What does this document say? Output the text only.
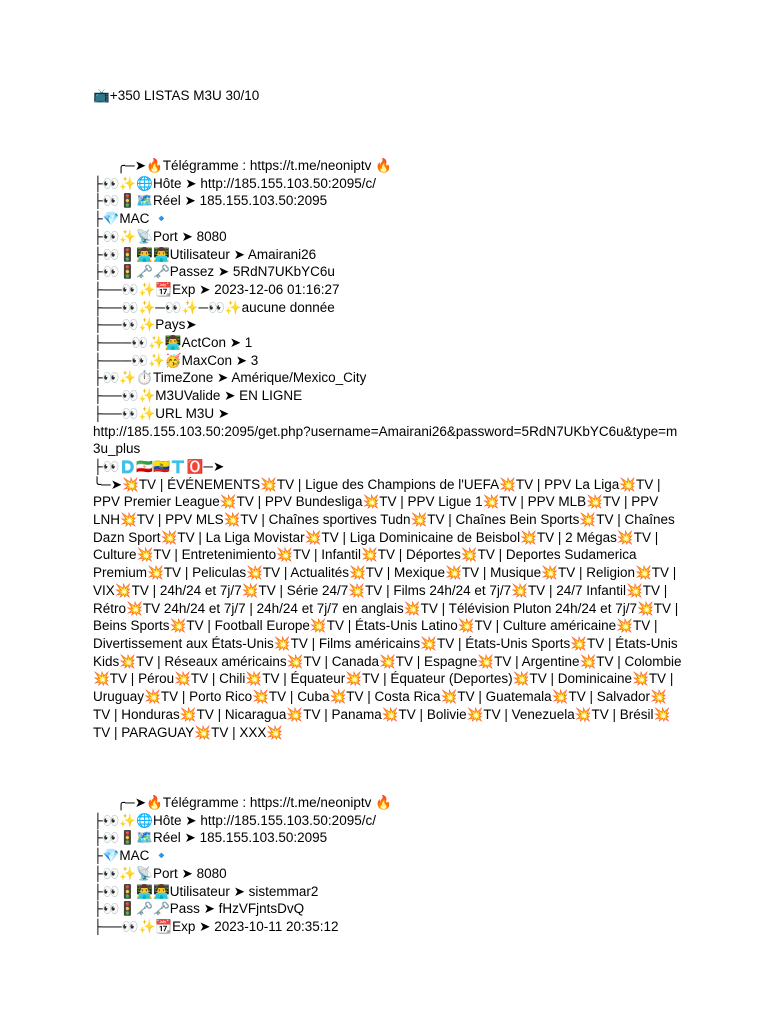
📺+350 LISTAS M3U 30/10
╭─➤🔥Télégramme : https://t.me/neoniptv 🔥
├👀✨🌐Hôte ➤ http://185.155.103.50:2095/c/
├👀🚦🗺️Réel ➤ 185.155.103.50:2095
├💎MAC 🔹
├👀✨📡Port ➤ 8080
├👀🚦👨‍💻👨‍💻Utilisateur ➤ Amairani26
├👀🚦🗝️🗝️Passez ➤ 5RdN7UKbYC6u
├──👀✨📆Exp ➤ 2023-12-06 01:16:27
├──👀✨─👀✨─👀✨aucune donnée
├──👀✨Pays➤
├───👀✨👨‍💻ActCon ➤ 1
├───👀✨🥳MaxCon ➤ 3
├👀✨⏱️TimeZone ➤ Amérique/Mexico_City
├──👀✨M3UValide ➤ EN LIGNE
├──👀✨URL M3U ➤
http://185.155.103.50:2095/get.php?username=Amairani26&password=5RdN7UKbYC6u&type=m3u_plus
├👀🇩🇮🇷🇪🇨🇹🅾️─➤
╰─➤💥TV | ÉVÉNEMENTS💥TV | Ligue des Champions de l'UEFA💥TV | PPV La Liga💥TV | PPV Premier League💥TV | PPV Bundesliga💥TV | PPV Ligue 1💥TV | PPV MLB💥TV | PPV LNH💥TV | PPV MLS💥TV | Chaînes sportives Tudn💥TV | Chaînes Bein Sports💥TV | Chaînes Dazn Sport💥TV | La Liga Movistar💥TV | Liga Dominicaine de Beisbol💥TV | 2 Mégas💥TV | Culture💥TV | Entretenimiento💥TV | Infantil💥TV | Déportes💥TV | Deportes Sudamerica Premium💥TV | Peliculas💥TV | Actualités💥TV | Mexique💥TV | Musique💥TV | Religion💥TV | VIX💥TV | 24h/24 et 7j/7💥TV | Série 24/7💥TV | Films 24h/24 et 7j/7💥TV | 24/7 Infantil💥TV | Rétro💥TV 24h/24 et 7j/7 | 24h/24 et 7j/7 en anglais💥TV | Télévision Pluton 24h/24 et 7j/7💥TV | Beins Sports💥TV | Football Europe💥TV | États-Unis Latino💥TV | Culture américaine💥TV | Divertissement aux États-Unis💥TV | Films américains💥TV | États-Unis Sports💥TV | États-Unis Kids💥TV | Réseaux américains💥TV | Canada💥TV | Espagne💥TV | Argentine💥TV | Colombie💥TV | Pérou💥TV | Chili💥TV | Équateur💥TV | Équateur (Deportes)💥TV | Dominicaine💥TV | Uruguay💥TV | Porto Rico💥TV | Cuba💥TV | Costa Rica💥TV | Guatemala💥TV | Salvador💥TV | Honduras💥TV | Nicaragua💥TV | Panama💥TV | Bolivie💥TV | Venezuela💥TV | Brésil💥TV | PARAGUAY💥TV | XXX💥
╭─➤🔥Télégramme : https://t.me/neoniptv 🔥
├👀✨🌐Hôte ➤ http://185.155.103.50:2095/c/
├👀🚦🗺️Réel ➤ 185.155.103.50:2095
├💎MAC 🔹
├👀✨📡Port ➤ 8080
├👀🚦👨‍💻👨‍💻Utilisateur ➤ sistemmar2
├👀🚦🗝️🗝️Pass ➤ fHzVFjntsDvQ
├──👀✨📆Exp ➤ 2023-10-11 20:35:12
